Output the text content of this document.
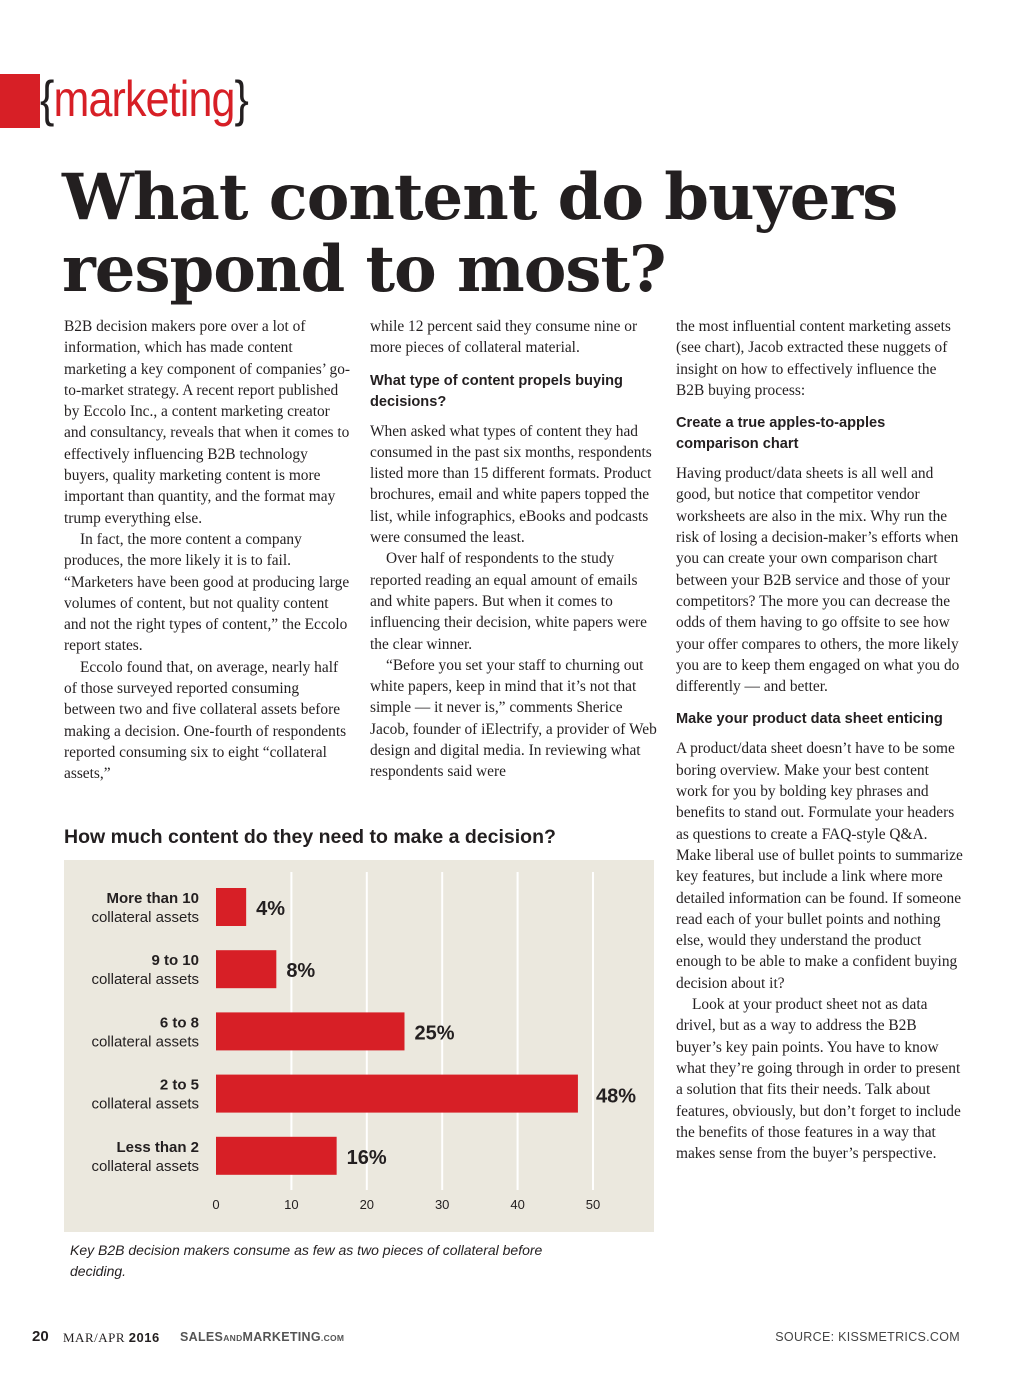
{marketing}
What content do buyers respond to most?

B2B decision makers pore over a lot of information, which has made content marketing a key component of companies’ go-to-market strategy. A recent report published by Eccolo Inc., a content marketing creator and consultancy, reveals that when it comes to effectively influencing B2B technology buyers, quality marketing content is more important than quantity, and the format may trump everything else.

In fact, the more content a company produces, the more likely it is to fail. “Marketers have been good at producing large volumes of content, but not quality content and not the right types of content,” the Eccolo report states.

Eccolo found that, on average, nearly half of those surveyed reported consuming between two and five collateral assets before making a decision. One-fourth of respondents reported consuming six to eight “collateral assets,”

while 12 percent said they consume nine or more pieces of collateral material.

What type of content propels buying decisions?

When asked what types of content they had consumed in the past six months, respondents listed more than 15 different formats. Product brochures, email and white papers topped the list, while infographics, eBooks and podcasts were consumed the least.

Over half of respondents to the study reported reading an equal amount of emails and white papers. But when it comes to influencing their decision, white papers were the clear winner.

“Before you set your staff to churning out white papers, keep in mind that it’s not that simple — it never is,” comments Sherice Jacob, founder of iElectrify, a provider of Web design and digital media. In reviewing what respondents said were

the most influential content marketing assets (see chart), Jacob extracted these nuggets of insight on how to effectively influence the B2B buying process:

Create a true apples-to-apples comparison chart

Having product/data sheets is all well and good, but notice that competitor vendor worksheets are also in the mix. Why run the risk of losing a decision-maker’s efforts when you can create your own comparison chart between your B2B service and those of your competitors? The more you can decrease the odds of them having to go offsite to see how your offer compares to others, the more likely you are to keep them engaged on what you do differently — and better.

Make your product data sheet enticing

A product/data sheet doesn’t have to be some boring overview. Make your best content work for you by bolding key phrases and benefits to stand out. Formulate your headers as questions to create a FAQ-style Q&A. Make liberal use of bullet points to summarize key features, but include a link where more detailed information can be found. If someone read each of your bullet points and nothing else, would they understand the product enough to be able to make a confident buying decision about it?

Look at your product sheet not as data drivel, but as a way to address the B2B buyer’s key pain points. You have to know what they’re going through in order to present a solution that fits their needs. Talk about features, obviously, but don’t forget to include the benefits of those features in a way that makes sense from the buyer’s perspective.

How much content do they need to make a decision?
0	10	20	30	40	50
4%
More than 10
collateral assets
8%
9 to 10
collateral assets
25%
6 to 8
collateral assets
48%
2 to 5
collateral assets
16%
Less than 2
collateral assets
Key B2B decision makers consume as few as two pieces of collateral before deciding.
20 MAR/APR 2016 SALESANDMARKETING.COM	SOURCE: KISSMETRICS.COM
